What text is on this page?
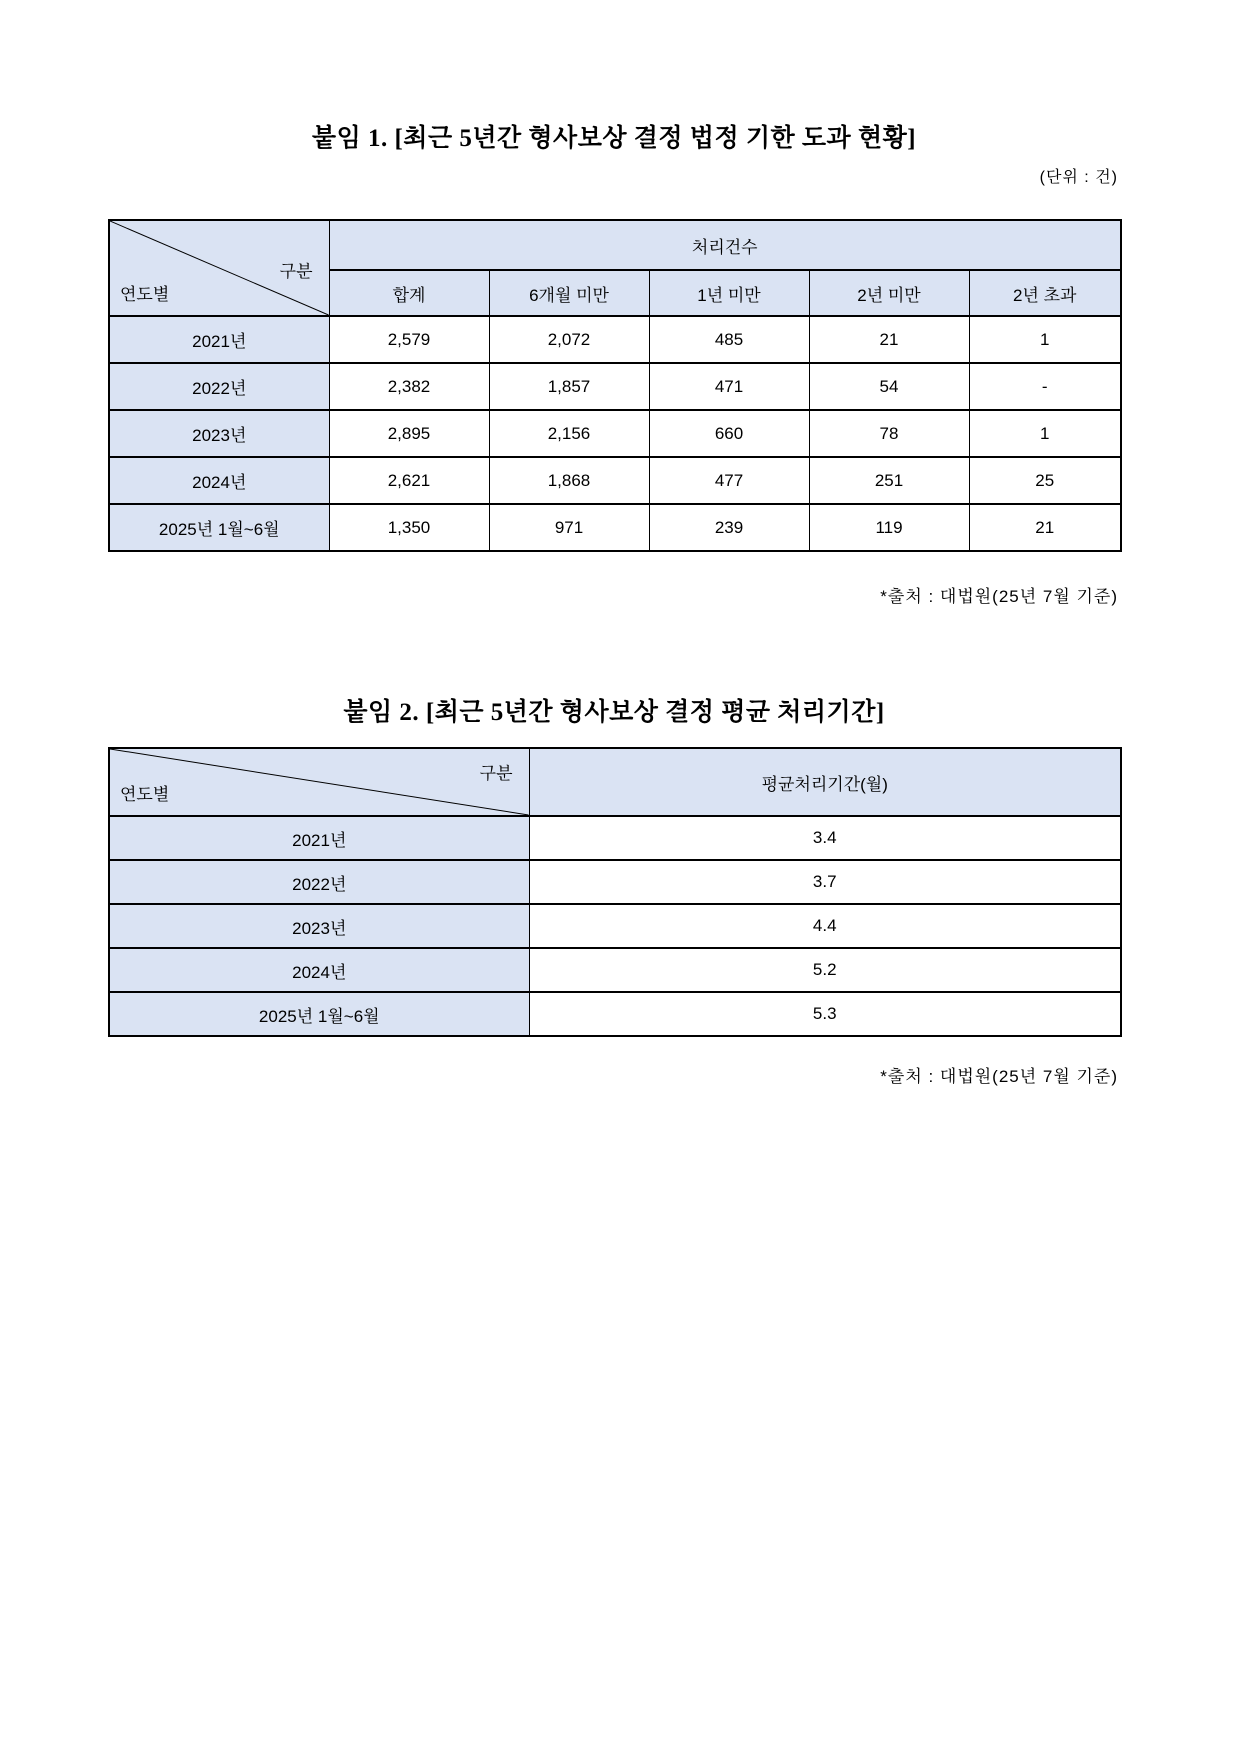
붙임 1. [최근 5년간 형사보상 결정 법정 기한 도과 현황]
(단위 : 건)
구분
연도별	처리건수				
	합계	6개월 미만	1년 미만	2년 미만	2년 초과
2021년	2,579	2,072	485	21	1
2022년	2,382	1,857	471	54	-
2023년	2,895	2,156	660	78	1
2024년	2,621	1,868	477	251	25
2025년 1월~6월	1,350	971	239	119	21
*출처 : 대법원(25년 7월 기준)
붙임 2. [최근 5년간 형사보상 결정 평균 처리기간]
구분
연도별	평균처리기간(월)
2021년	3.4
2022년	3.7
2023년	4.4
2024년	5.2
2025년 1월~6월	5.3
*출처 : 대법원(25년 7월 기준)
